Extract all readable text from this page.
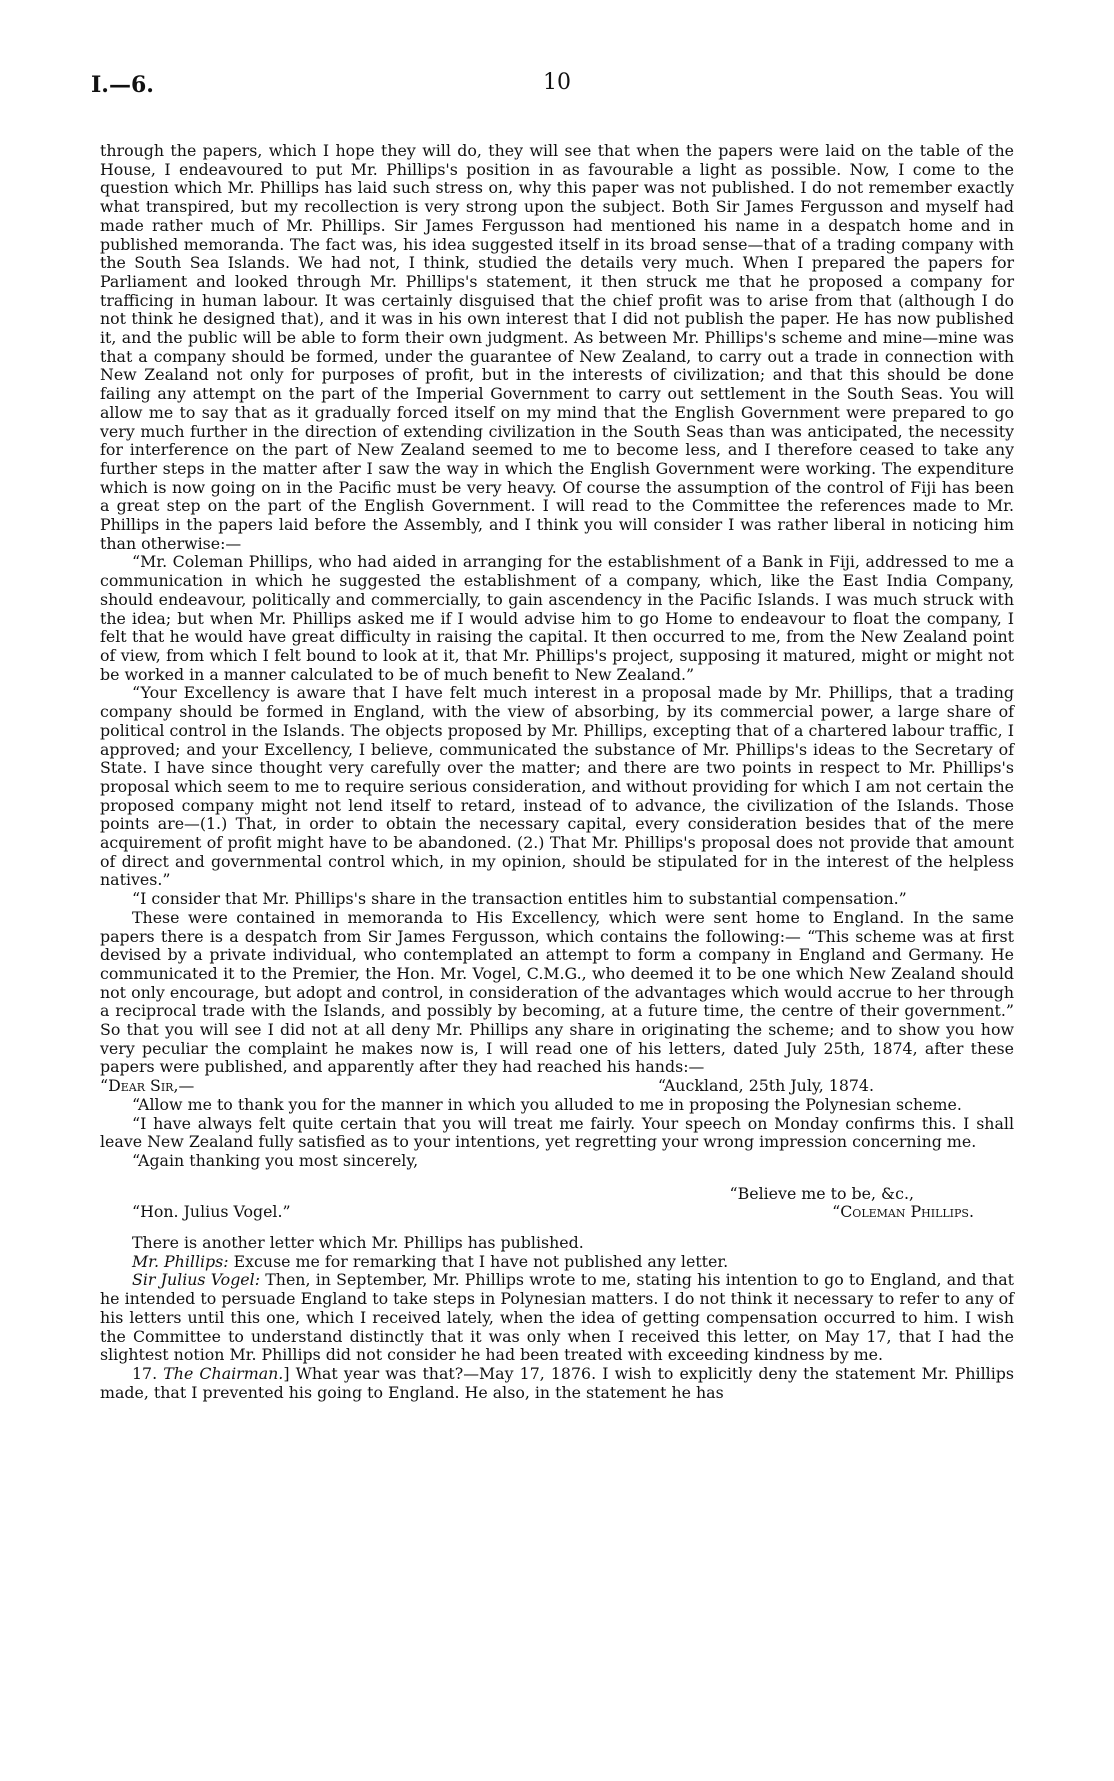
I.—6.	10

through the papers, which I hope they will do, they will see that when the papers were laid on the table of the House, I endeavoured to put Mr. Phillips's position in as favourable a light as possible. Now, I come to the question which Mr. Phillips has laid such stress on, why this paper was not published. I do not remember exactly what transpired, but my recollection is very strong upon the subject. Both Sir James Fergusson and myself had made rather much of Mr. Phillips. Sir James Fergusson had mentioned his name in a despatch home and in published memoranda. The fact was, his idea suggested itself in its broad sense—that of a trading company with the South Sea Islands. We had not, I think, studied the details very much. When I prepared the papers for Parliament and looked through Mr. Phillips's statement, it then struck me that he proposed a company for trafficing in human labour. It was certainly disguised that the chief profit was to arise from that (although I do not think he designed that), and it was in his own interest that I did not publish the paper. He has now published it, and the public will be able to form their own judgment. As between Mr. Phillips's scheme and mine—mine was that a company should be formed, under the guarantee of New Zealand, to carry out a trade in connection with New Zealand not only for purposes of profit, but in the interests of civilization; and that this should be done failing any attempt on the part of the Imperial Government to carry out settlement in the South Seas. You will allow me to say that as it gradually forced itself on my mind that the English Government were prepared to go very much further in the direction of extending civilization in the South Seas than was anticipated, the necessity for interference on the part of New Zealand seemed to me to become less, and I therefore ceased to take any further steps in the matter after I saw the way in which the English Government were working. The expenditure which is now going on in the Pacific must be very heavy. Of course the assumption of the control of Fiji has been a great step on the part of the English Government. I will read to the Committee the references made to Mr. Phillips in the papers laid before the Assembly, and I think you will consider I was rather liberal in noticing him than otherwise:—

“Mr. Coleman Phillips, who had aided in arranging for the establishment of a Bank in Fiji, addressed to me a communication in which he suggested the establishment of a company, which, like the East India Company, should endeavour, politically and commercially, to gain ascendency in the Pacific Islands. I was much struck with the idea; but when Mr. Phillips asked me if I would advise him to go Home to endeavour to float the company, I felt that he would have great difficulty in raising the capital. It then occurred to me, from the New Zealand point of view, from which I felt bound to look at it, that Mr. Phillips's project, supposing it matured, might or might not be worked in a manner calculated to be of much benefit to New Zealand.”

“Your Excellency is aware that I have felt much interest in a proposal made by Mr. Phillips, that a trading company should be formed in England, with the view of absorbing, by its commercial power, a large share of political control in the Islands. The objects proposed by Mr. Phillips, excepting that of a chartered labour traffic, I approved; and your Excellency, I believe, communicated the substance of Mr. Phillips's ideas to the Secretary of State. I have since thought very carefully over the matter; and there are two points in respect to Mr. Phillips's proposal which seem to me to require serious consideration, and without providing for which I am not certain the proposed company might not lend itself to retard, instead of to advance, the civilization of the Islands. Those points are—(1.) That, in order to obtain the necessary capital, every consideration besides that of the mere acquirement of profit might have to be abandoned. (2.) That Mr. Phillips's proposal does not provide that amount of direct and governmental control which, in my opinion, should be stipulated for in the interest of the helpless natives.”

“I consider that Mr. Phillips's share in the transaction entitles him to substantial compensation.”

These were contained in memoranda to His Excellency, which were sent home to England. In the same papers there is a despatch from Sir James Fergusson, which contains the following:— “This scheme was at first devised by a private individual, who contemplated an attempt to form a company in England and Germany. He communicated it to the Premier, the Hon. Mr. Vogel, C.M.G., who deemed it to be one which New Zealand should not only encourage, but adopt and control, in consideration of the advantages which would accrue to her through a reciprocal trade with the Islands, and possibly by becoming, at a future time, the centre of their government.” So that you will see I did not at all deny Mr. Phillips any share in originating the scheme; and to show you how very peculiar the complaint he makes now is, I will read one of his letters, dated July 25th, 1874, after these papers were published, and apparently after they had reached his hands:—

“Dear Sir,—	“Auckland, 25th July, 1874.

“Allow me to thank you for the manner in which you alluded to me in proposing the Polynesian scheme.

“I have always felt quite certain that you will treat me fairly. Your speech on Monday confirms this. I shall leave New Zealand fully satisfied as to your intentions, yet regretting your wrong impression concerning me.

“Again thanking you most sincerely,

“Believe me to be, &c.,
“Hon. Julius Vogel.”	“Coleman Phillips.

There is another letter which Mr. Phillips has published.

Mr. Phillips: Excuse me for remarking that I have not published any letter.

Sir Julius Vogel: Then, in September, Mr. Phillips wrote to me, stating his intention to go to England, and that he intended to persuade England to take steps in Polynesian matters. I do not think it necessary to refer to any of his letters until this one, which I received lately, when the idea of getting compensation occurred to him. I wish the Committee to understand distinctly that it was only when I received this letter, on May 17, that I had the slightest notion Mr. Phillips did not consider he had been treated with exceeding kindness by me.

17. The Chairman.] What year was that?—May 17, 1876. I wish to explicitly deny the statement Mr. Phillips made, that I prevented his going to England. He also, in the statement he has
